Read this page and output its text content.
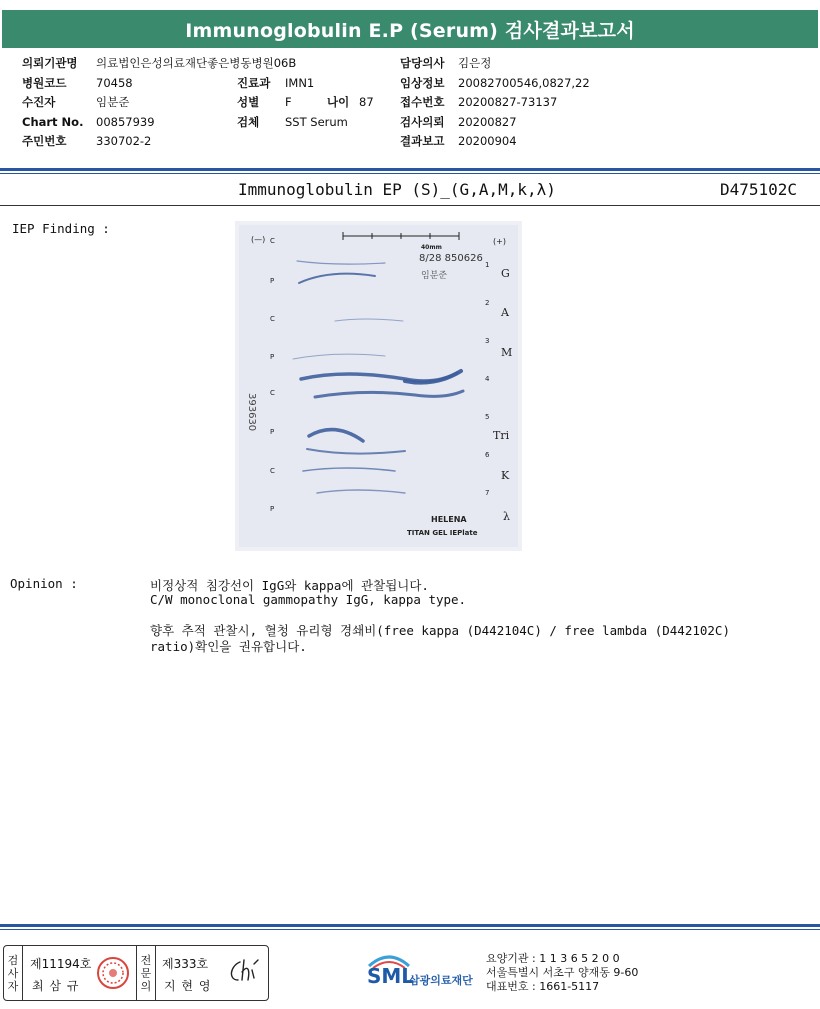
Immunoglobulin E.P (Serum) 검사결과보고서
의뢰기관명 의료법인은성의료재단좋은병동병원06B
병원코드	70458
수진자	임분준
Chart No. 00857939
주민번호	330702-2
진료과 IMN1
성별 F	나이 87
검체 SST Serum
담당의사 김은정
임상정보 20082700546,0827,22
접수번호 20200827-73137
검사의뢰 20200827
결과보고 20200904
Immunoglobulin EP (S)_(G,A,M,k,λ)	D475102C
IEP Finding :
(—)	(+)
40mm
8/28 850626
임분준
393630
C
P
C
P
C
P
C
P
1
2
3
4
5
6
7
G
A
M
Tri
K
λ
HELENA
TITAN GEL IEPlate
Opinion :	비정상적 침강선이 IgG와 kappa에 관찰됩니다.
C/W monoclonal gammopathy IgG, kappa type.
향후 추적 관찰시, 혈청 유리형 경쇄비(free kappa (D442104C) / free lambda (D442102C)
ratio)확인을 권유합니다.
검사자
제11194호
최 삼 규
전문의
제333호
지 현 영	SML
삼광의료재단
요양기관 : 1 1 3 6 5 2 0 0
서울특별시 서초구 양재동 9-60
대표번호 : 1661-5117
